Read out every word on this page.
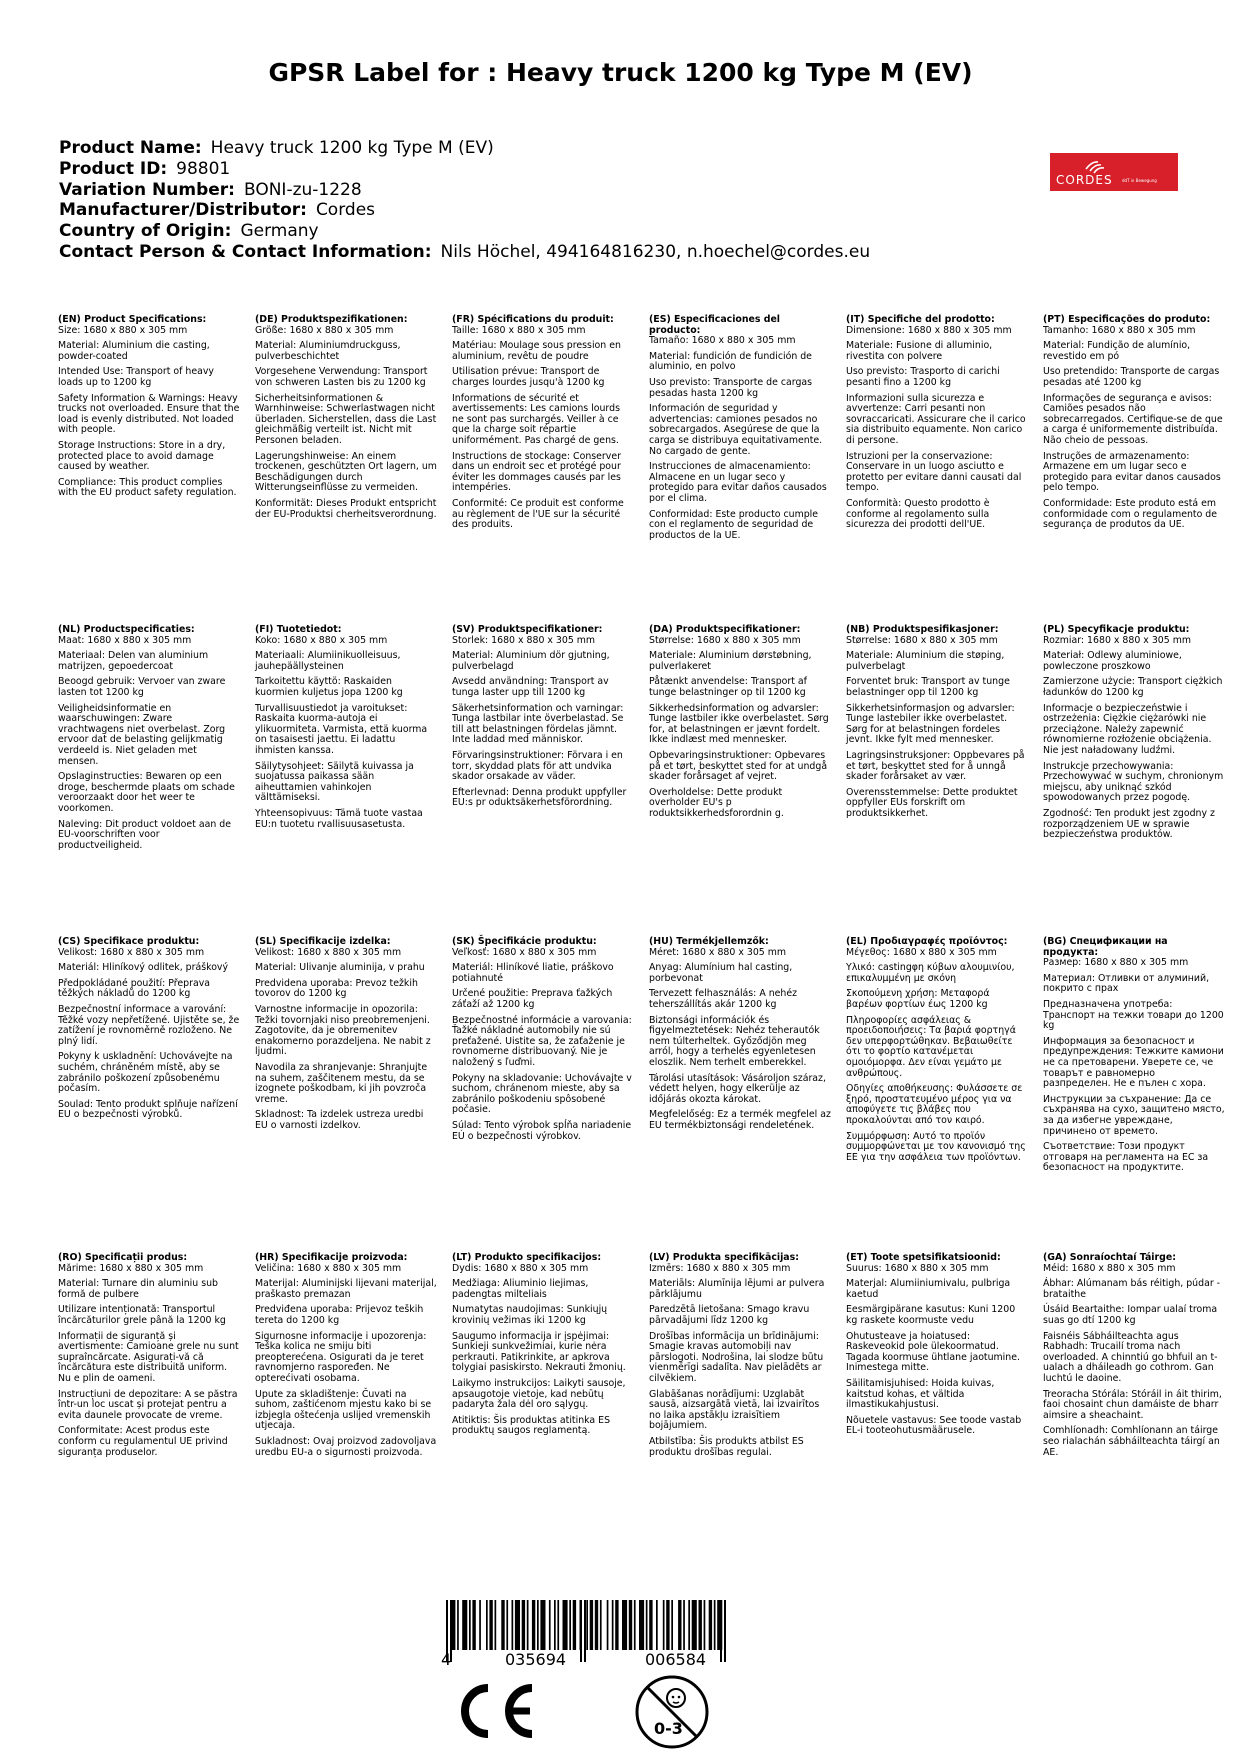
GPSR Label for : Heavy truck 1200 kg Type M (EV)
Product Name: Heavy truck 1200 kg Type M (EV)
Product ID: 98801
Variation Number: BONI-zu-1228
Manufacturer/Distributor: Cordes
Country of Origin: Germany
Contact Person & Contact Information: Nils Höchel, 494164816230, n.hoechel@cordes.eu
CORDES ddT in Bewegung
(EN) Product Specifications:
Size: 1680 x 880 x 305 mm
Material: Aluminium die casting, powder-coated
Intended Use: Transport of heavy loads up to 1200 kg
Safety Information & Warnings: Heavy trucks not overloaded. Ensure that the load is evenly distributed. Not loaded with people.
Storage Instructions: Store in a dry, protected place to avoid damage caused by weather.
Compliance: This product complies with the EU product safety regulation.
(DE) Produktspezifikationen:
Größe: 1680 x 880 x 305 mm
Material: Aluminiumdruckguss, pulverbeschichtet
Vorgesehene Verwendung: Transport von schweren Lasten bis zu 1200 kg
Sicherheitsinformationen & Warnhinweise: Schwerlastwagen nicht überladen. Sicherstellen, dass die Last gleichmäßig verteilt ist. Nicht mit Personen beladen.
Lagerungshinweise: An einem trockenen, geschützten Ort lagern, um Beschädigungen durch Witterungseinflüsse zu vermeiden.
Konformität: Dieses Produkt entspricht der EU-Produktsi cherheitsverordnung.
(FR) Spécifications du produit:
Taille: 1680 x 880 x 305 mm
Matériau: Moulage sous pression en aluminium, revêtu de poudre
Utilisation prévue: Transport de charges lourdes jusqu'à 1200 kg
Informations de sécurité et avertissements: Les camions lourds ne sont pas surchargés. Veiller à ce que la charge soit répartie uniformément. Pas chargé de gens.
Instructions de stockage: Conserver dans un endroit sec et protégé pour éviter les dommages causés par les intempéries.
Conformité: Ce produit est conforme au règlement de l'UE sur la sécurité des produits.
(ES) Especificaciones del producto:
Tamaño: 1680 x 880 x 305 mm
Material: fundición de fundición de aluminio, en polvo
Uso previsto: Transporte de cargas pesadas hasta 1200 kg
Información de seguridad y advertencias: camiones pesados no sobrecargados. Asegúrese de que la carga se distribuya equitativamente. No cargado de gente.
Instrucciones de almacenamiento: Almacene en un lugar seco y protegido para evitar daños causados por el clima.
Conformidad: Este producto cumple con el reglamento de seguridad de productos de la UE.
(IT) Specifiche del prodotto:
Dimensione: 1680 x 880 x 305 mm
Materiale: Fusione di alluminio, rivestita con polvere
Uso previsto: Trasporto di carichi pesanti fino a 1200 kg
Informazioni sulla sicurezza e avvertenze: Carri pesanti non sovraccaricati. Assicurare che il carico sia distribuito equamente. Non carico di persone.
Istruzioni per la conservazione: Conservare in un luogo asciutto e protetto per evitare danni causati dal tempo.
Conformità: Questo prodotto è conforme al regolamento sulla sicurezza dei prodotti dell'UE.
(PT) Especificações do produto:
Tamanho: 1680 x 880 x 305 mm
Material: Fundição de alumínio, revestido em pó
Uso pretendido: Transporte de cargas pesadas até 1200 kg
Informações de segurança e avisos: Camiões pesados não sobrecarregados. Certifique-se de que a carga é uniformemente distribuída. Não cheio de pessoas.
Instruções de armazenamento: Armazene em um lugar seco e protegido para evitar danos causados pelo tempo.
Conformidade: Este produto está em conformidade com o regulamento de segurança de produtos da UE.
(NL) Productspecificaties:
Maat: 1680 x 880 x 305 mm
Materiaal: Delen van aluminium matrijzen, gepoedercoat
Beoogd gebruik: Vervoer van zware lasten tot 1200 kg
Veiligheidsinformatie en waarschuwingen: Zware vrachtwagens niet overbelast. Zorg ervoor dat de belasting gelijkmatig verdeeld is. Niet geladen met mensen.
Opslaginstructies: Bewaren op een droge, beschermde plaats om schade veroorzaakt door het weer te voorkomen.
Naleving: Dit product voldoet aan de EU-voorschriften voor productveiligheid.
(FI) Tuotetiedot:
Koko: 1680 x 880 x 305 mm
Materiaali: Alumiinikuolleisuus, jauhepäällysteinen
Tarkoitettu käyttö: Raskaiden kuormien kuljetus jopa 1200 kg
Turvallisuustiedot ja varoitukset: Raskaita kuorma-autoja ei ylikuormiteta. Varmista, että kuorma on tasaisesti jaettu. Ei ladattu ihmisten kanssa.
Säilytysohjeet: Säilytä kuivassa ja suojatussa paikassa sään aiheuttamien vahinkojen välttämiseksi.
Yhteensopivuus: Tämä tuote vastaa EU:n tuotetu rvallisuusasetusta.
(SV) Produktspecifikationer:
Storlek: 1680 x 880 x 305 mm
Material: Aluminium dör gjutning, pulverbelagd
Avsedd användning: Transport av tunga laster upp till 1200 kg
Säkerhetsinformation och varningar: Tunga lastbilar inte överbelastad. Se till att belastningen fördelas jämnt. Inte laddad med människor.
Förvaringsinstruktioner: Förvara i en torr, skyddad plats för att undvika skador orsakade av väder.
Efterlevnad: Denna produkt uppfyller EU:s pr oduktsäkerhetsförordning.
(DA) Produktspecifikationer:
Størrelse: 1680 x 880 x 305 mm
Materiale: Aluminium dørstøbning, pulverlakeret
Påtænkt anvendelse: Transport af tunge belastninger op til 1200 kg
Sikkerhedsinformation og advarsler: Tunge lastbiler ikke overbelastet. Sørg for, at belastningen er jævnt fordelt. Ikke indlæst med mennesker.
Opbevaringsinstruktioner: Opbevares på et tørt, beskyttet sted for at undgå skader forårsaget af vejret.
Overholdelse: Dette produkt overholder EU's p roduktsikkerhedsforordnin g.
(NB) Produktspesifikasjoner:
Størrelse: 1680 x 880 x 305 mm
Materiale: Aluminium die støping, pulverbelagt
Forventet bruk: Transport av tunge belastninger opp til 1200 kg
Sikkerhetsinformasjon og advarsler: Tunge lastebiler ikke overbelastet. Sørg for at belastningen fordeles jevnt. Ikke fylt med mennesker.
Lagringsinstruksjoner: Oppbevares på et tørt, beskyttet sted for å unngå skader forårsaket av vær.
Overensstemmelse: Dette produktet oppfyller EUs forskrift om produktsikkerhet.
(PL) Specyfikacje produktu:
Rozmiar: 1680 x 880 x 305 mm
Materiał: Odlewy aluminiowe, powleczone proszkowo
Zamierzone użycie: Transport ciężkich ładunków do 1200 kg
Informacje o bezpieczeństwie i ostrzeżenia: Ciężkie ciężarówki nie przeciążone. Należy zapewnić równomierne rozłożenie obciążenia. Nie jest naładowany ludźmi.
Instrukcje przechowywania: Przechowywać w suchym, chronionym miejscu, aby uniknąć szkód spowodowanych przez pogodę.
Zgodność: Ten produkt jest zgodny z rozporządzeniem UE w sprawie bezpieczeństwa produktów.
(CS) Specifikace produktu:
Velikost: 1680 x 880 x 305 mm
Materiál: Hliníkový odlitek, práškový
Předpokládané použití: Přeprava těžkých nákladů do 1200 kg
Bezpečnostní informace a varování: Těžké vozy nepřetížené. Ujistěte se, že zatížení je rovnoměrně rozloženo. Ne plný lidí.
Pokyny k uskladnění: Uchovávejte na suchém, chráněném místě, aby se zabránilo poškození způsobenému počasím.
Soulad: Tento produkt splňuje nařízení EU o bezpečnosti výrobků.
(SL) Specifikacije izdelka:
Velikost: 1680 x 880 x 305 mm
Material: Ulivanje aluminija, v prahu
Predvidena uporaba: Prevoz težkih tovorov do 1200 kg
Varnostne informacije in opozorila: Težki tovornjaki niso preobremenjeni. Zagotovite, da je obremenitev enakomerno porazdeljena. Ne nabit z ljudmi.
Navodila za shranjevanje: Shranjujte na suhem, zaščitenem mestu, da se izognete poškodbam, ki jih povzroča vreme.
Skladnost: Ta izdelek ustreza uredbi EU o varnosti izdelkov.
(SK) Špecifikácie produktu:
Veľkosť: 1680 x 880 x 305 mm
Materiál: Hliníkové liatie, práškovo potiahnuté
Určené použitie: Preprava ťažkých záťaží až 1200 kg
Bezpečnostné informácie a varovania: Ťažké nákladné automobily nie sú preťažené. Uistite sa, že zaťaženie je rovnomerne distribuovaný. Nie je naložený s ľuďmi.
Pokyny na skladovanie: Uchovávajte v suchom, chránenom mieste, aby sa zabránilo poškodeniu spôsobené počasie.
Súlad: Tento výrobok spĺňa nariadenie EÚ o bezpečnosti výrobkov.
(HU) Termékjellemzők:
Méret: 1680 x 880 x 305 mm
Anyag: Alumínium hal casting, porbevonat
Tervezett felhasználás: A nehéz teherszállítás akár 1200 kg
Biztonsági információk és figyelmeztetések: Nehéz teherautók nem túlterheltek. Győződjön meg arról, hogy a terhelés egyenletesen eloszlik. Nem terhelt emberekkel.
Tárolási utasítások: Vásároljon száraz, védett helyen, hogy elkerülje az időjárás okozta károkat.
Megfelelőség: Ez a termék megfelel az EU termékbiztonsági rendeletének.
(EL) Προδιαγραφές προϊόντος:
Μέγεθος: 1680 x 880 x 305 mm
Υλικό: castingφη κύβων αλουμινίου, επικαλυμμένη με σκόνη
Σκοπούμενη χρήση: Μεταφορά βαρέων φορτίων έως 1200 kg
Πληροφορίες ασφάλειας & προειδοποιήσεις: Τα βαριά φορτηγά δεν υπερφορτώθηκαν. Βεβαιωθείτε ότι το φορτίο κατανέμεται ομοιόμορφα. Δεν είναι γεμάτο με ανθρώπους.
Οδηγίες αποθήκευσης: Φυλάσσετε σε ξηρό, προστατευμένο μέρος για να αποφύγετε τις βλάβες που προκαλούνται από τον καιρό.
Συμμόρφωση: Αυτό το προϊόν συμμορφώνεται με τον κανονισμό της ΕΕ για την ασφάλεια των προϊόντων.
(BG) Спецификации на продукта:
Размер: 1680 x 880 x 305 mm
Материал: Отливки от алуминий, покрито с прах
Предназначена употреба: Транспорт на тежки товари до 1200 kg
Информация за безопасност и предупреждения: Тежките камиони не са претоварени. Уверете се, че товарът е равномерно разпределен. Не е пълен с хора.
Инструкции за съхранение: Да се съхранява на сухо, защитено място, за да избегне увреждане, причинено от времето.
Съответствие: Този продукт отговаря на регламента на ЕС за безопасност на продуктите.
(RO) Specificații produs:
Mărime: 1680 x 880 x 305 mm
Material: Turnare din aluminiu sub formă de pulbere
Utilizare intenționată: Transportul încărcăturilor grele până la 1200 kg
Informații de siguranță și avertismente: Camioane grele nu sunt supraîncărcate. Asigurați-vă că încărcătura este distribuită uniform. Nu e plin de oameni.
Instrucțiuni de depozitare: A se păstra într-un loc uscat și protejat pentru a evita daunele provocate de vreme.
Conformitate: Acest produs este conform cu regulamentul UE privind siguranța produselor.
(HR) Specifikacije proizvoda:
Veličina: 1680 x 880 x 305 mm
Materijal: Aluminijski lijevani materijal, praškasto premazan
Predviđena uporaba: Prijevoz teških tereta do 1200 kg
Sigurnosne informacije i upozorenja: Teška kolica ne smiju biti preopterećena. Osigurati da je teret ravnomjerno raspoređen. Ne opterećivati osobama.
Upute za skladištenje: Čuvati na suhom, zaštićenom mjestu kako bi se izbjegla oštećenja uslijed vremenskih utjecaja.
Sukladnost: Ovaj proizvod zadovoljava uredbu EU-a o sigurnosti proizvoda.
(LT) Produkto specifikacijos:
Dydis: 1680 x 880 x 305 mm
Medžiaga: Aliuminio liejimas, padengtas milteliais
Numatytas naudojimas: Sunkiųjų krovinių vežimas iki 1200 kg
Saugumo informacija ir įspėjimai: Sunkieji sunkvežimiai, kurie nėra perkrauti. Patikrinkite, ar apkrova tolygiai pasiskirsto. Nekrauti žmonių.
Laikymo instrukcijos: Laikyti sausoje, apsaugotoje vietoje, kad nebūtų padaryta žala dėl oro sąlygų.
Atitiktis: Šis produktas atitinka ES produktų saugos reglamentą.
(LV) Produkta specifikācijas:
Izmērs: 1680 x 880 x 305 mm
Materiāls: Alumīnija lējumi ar pulvera pārklājumu
Paredzētā lietošana: Smago kravu pārvadājumi līdz 1200 kg
Drošības informācija un brīdinājumi: Smagie kravas automobiļi nav pārslogoti. Nodrošina, lai slodze būtu vienmērīgi sadalīta. Nav pielādēts ar cilvēkiem.
Glabāšanas norādījumi: Uzglabāt sausā, aizsargātā vietā, lai izvairītos no laika apstākļu izraisītiem bojājumiem.
Atbilstība: Šis produkts atbilst ES produktu drošības regulai.
(ET) Toote spetsifikatsioonid:
Suurus: 1680 x 880 x 305 mm
Materjal: Alumiiniumivalu, pulbriga kaetud
Eesmärgipärane kasutus: Kuni 1200 kg raskete koormuste vedu
Ohutusteave ja hoiatused: Raskeveokid pole ülekoormatud. Tagada koormuse ühtlane jaotumine. Inimestega mitte.
Säilitamisjuhised: Hoida kuivas, kaitstud kohas, et vältida ilmastikukahjustusi.
Nõuetele vastavus: See toode vastab EL-i tooteohutusmäärusele.
(GA) Sonraíochtaí Táirge:
Méid: 1680 x 880 x 305 mm
Ábhar: Alúmanam bás réitigh, púdar - brataithe
Úsáid Beartaithe: Iompar ualaí troma suas go dtí 1200 kg
Faisnéis Sábháilteachta agus Rabhadh: Trucailí troma nach overloaded. A chinntiú go bhfuil an t-ualach a dháileadh go cothrom. Gan luchtú le daoine.
Treoracha Stórála: Stóráil in áit thirim, faoi chosaint chun damáiste de bharr aimsire a sheachaint.
Comhlíonadh: Comhlíonann an táirge seo rialachán sábháilteachta táirgí an AE.
4	035694	006584
0-3
